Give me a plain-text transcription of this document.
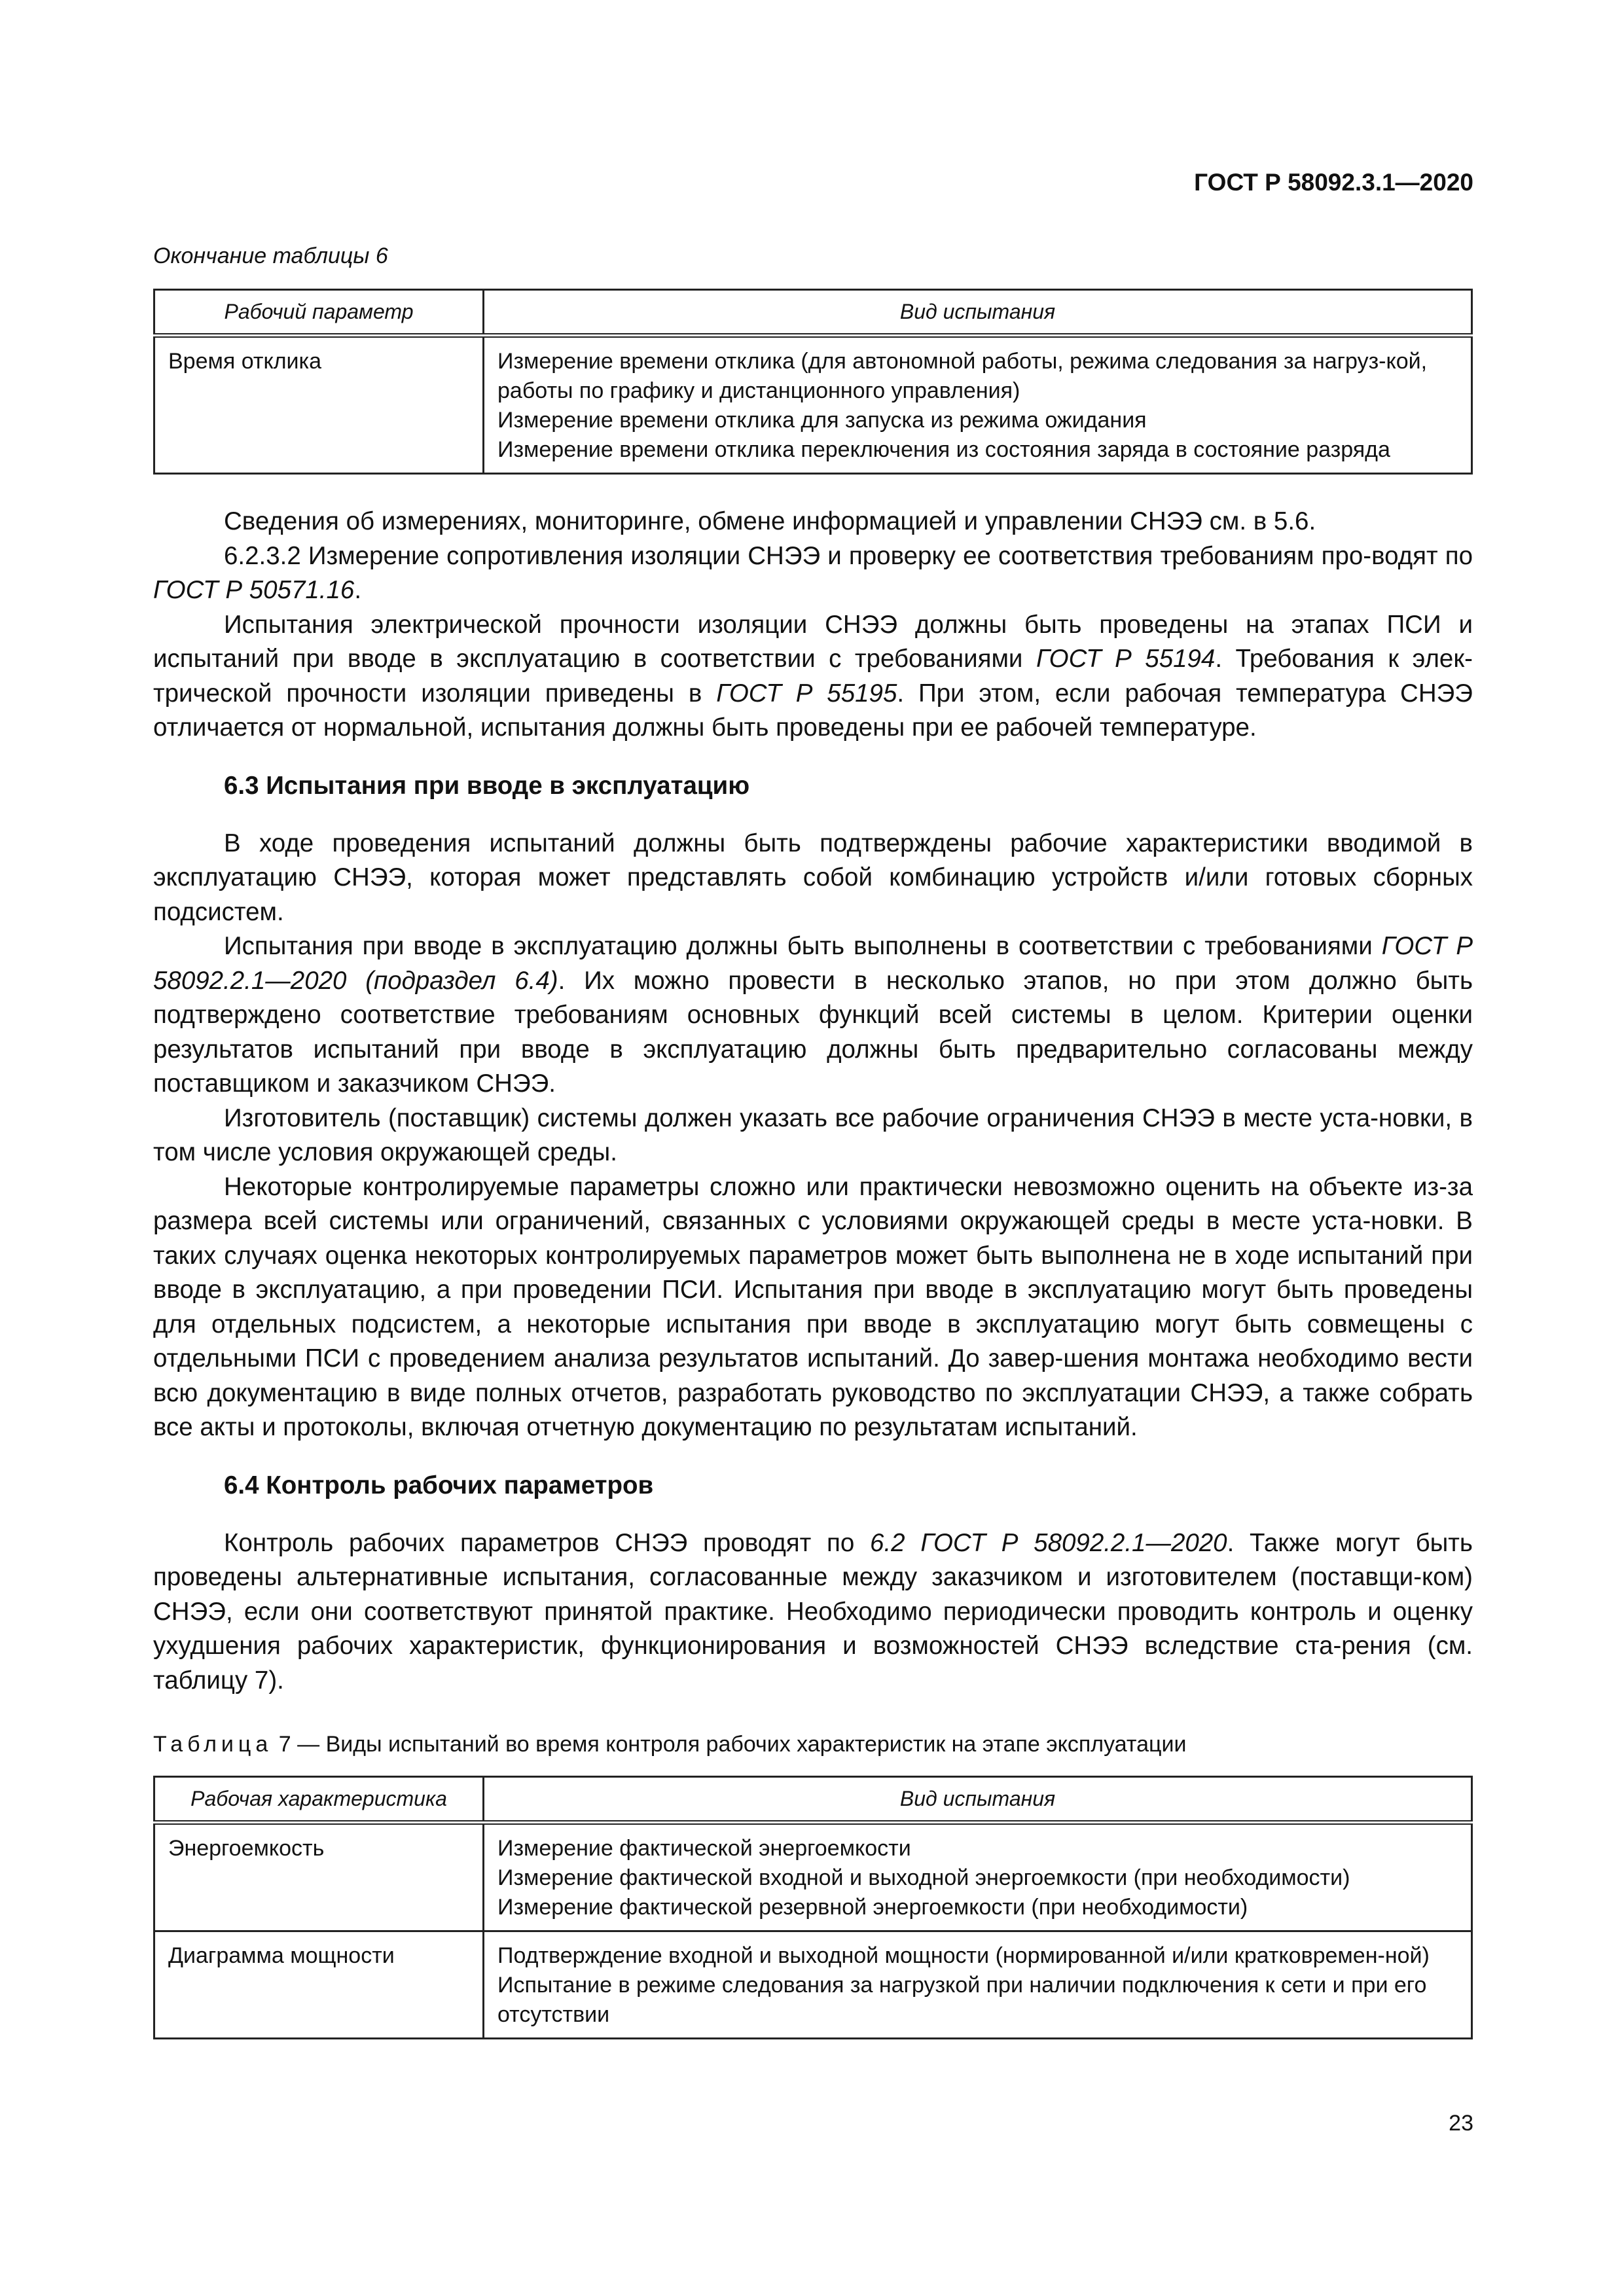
ГОСТ Р 58092.3.1—2020
Окончание таблицы 6
Рабочий параметр	Вид испытания
Время отклика	Измерение времени отклика (для автономной работы, режима следования за нагруз-кой, работы по графику и дистанционного управления)
Измерение времени отклика для запуска из режима ожидания
Измерение времени отклика переключения из состояния заряда в состояние разряда

Сведения об измерениях, мониторинге, обмене информацией и управлении СНЭЭ см. в 5.6.

6.2.3.2 Измерение сопротивления изоляции СНЭЭ и проверку ее соответствия требованиям про-водят по ГОСТ Р 50571.16.

Испытания электрической прочности изоляции СНЭЭ должны быть проведены на этапах ПСИ и испытаний при вводе в эксплуатацию в соответствии с требованиями ГОСТ Р 55194. Требования к элек-трической прочности изоляции приведены в ГОСТ Р 55195. При этом, если рабочая температура СНЭЭ отличается от нормальной, испытания должны быть проведены при ее рабочей температуре.

6.3 Испытания при вводе в эксплуатацию

В ходе проведения испытаний должны быть подтверждены рабочие характеристики вводимой в эксплуатацию СНЭЭ, которая может представлять собой комбинацию устройств и/или готовых сборных подсистем.

Испытания при вводе в эксплуатацию должны быть выполнены в соответствии с требованиями ГОСТ Р 58092.2.1—2020 (подраздел 6.4). Их можно провести в несколько этапов, но при этом должно быть подтверждено соответствие требованиям основных функций всей системы в целом. Критерии оценки результатов испытаний при вводе в эксплуатацию должны быть предварительно согласованы между поставщиком и заказчиком СНЭЭ.

Изготовитель (поставщик) системы должен указать все рабочие ограничения СНЭЭ в месте уста-новки, в том числе условия окружающей среды.

Некоторые контролируемые параметры сложно или практически невозможно оценить на объекте из-за размера всей системы или ограничений, связанных с условиями окружающей среды в месте уста-новки. В таких случаях оценка некоторых контролируемых параметров может быть выполнена не в ходе испытаний при вводе в эксплуатацию, а при проведении ПСИ. Испытания при вводе в эксплуатацию могут быть проведены для отдельных подсистем, а некоторые испытания при вводе в эксплуатацию могут быть совмещены с отдельными ПСИ с проведением анализа результатов испытаний. До завер-шения монтажа необходимо вести всю документацию в виде полных отчетов, разработать руководство по эксплуатации СНЭЭ, а также собрать все акты и протоколы, включая отчетную документацию по результатам испытаний.

6.4 Контроль рабочих параметров

Контроль рабочих параметров СНЭЭ проводят по 6.2 ГОСТ Р 58092.2.1—2020. Также могут быть проведены альтернативные испытания, согласованные между заказчиком и изготовителем (поставщи-ком) СНЭЭ, если они соответствуют принятой практике. Необходимо периодически проводить контроль и оценку ухудшения рабочих характеристик, функционирования и возможностей СНЭЭ вследствие ста-рения (см. таблицу 7).

Таблица 7 — Виды испытаний во время контроля рабочих характеристик на этапе эксплуатации
Рабочая характеристика	Вид испытания
Энергоемкость	Измерение фактической энергоемкости
Измерение фактической входной и выходной энергоемкости (при необходимости)
Измерение фактической резервной энергоемкости (при необходимости)

Диаграмма мощности	Подтверждение входной и выходной мощности (нормированной и/или кратковремен-ной)
Испытание в режиме следования за нагрузкой при наличии подключения к сети и при его отсутствии
23
